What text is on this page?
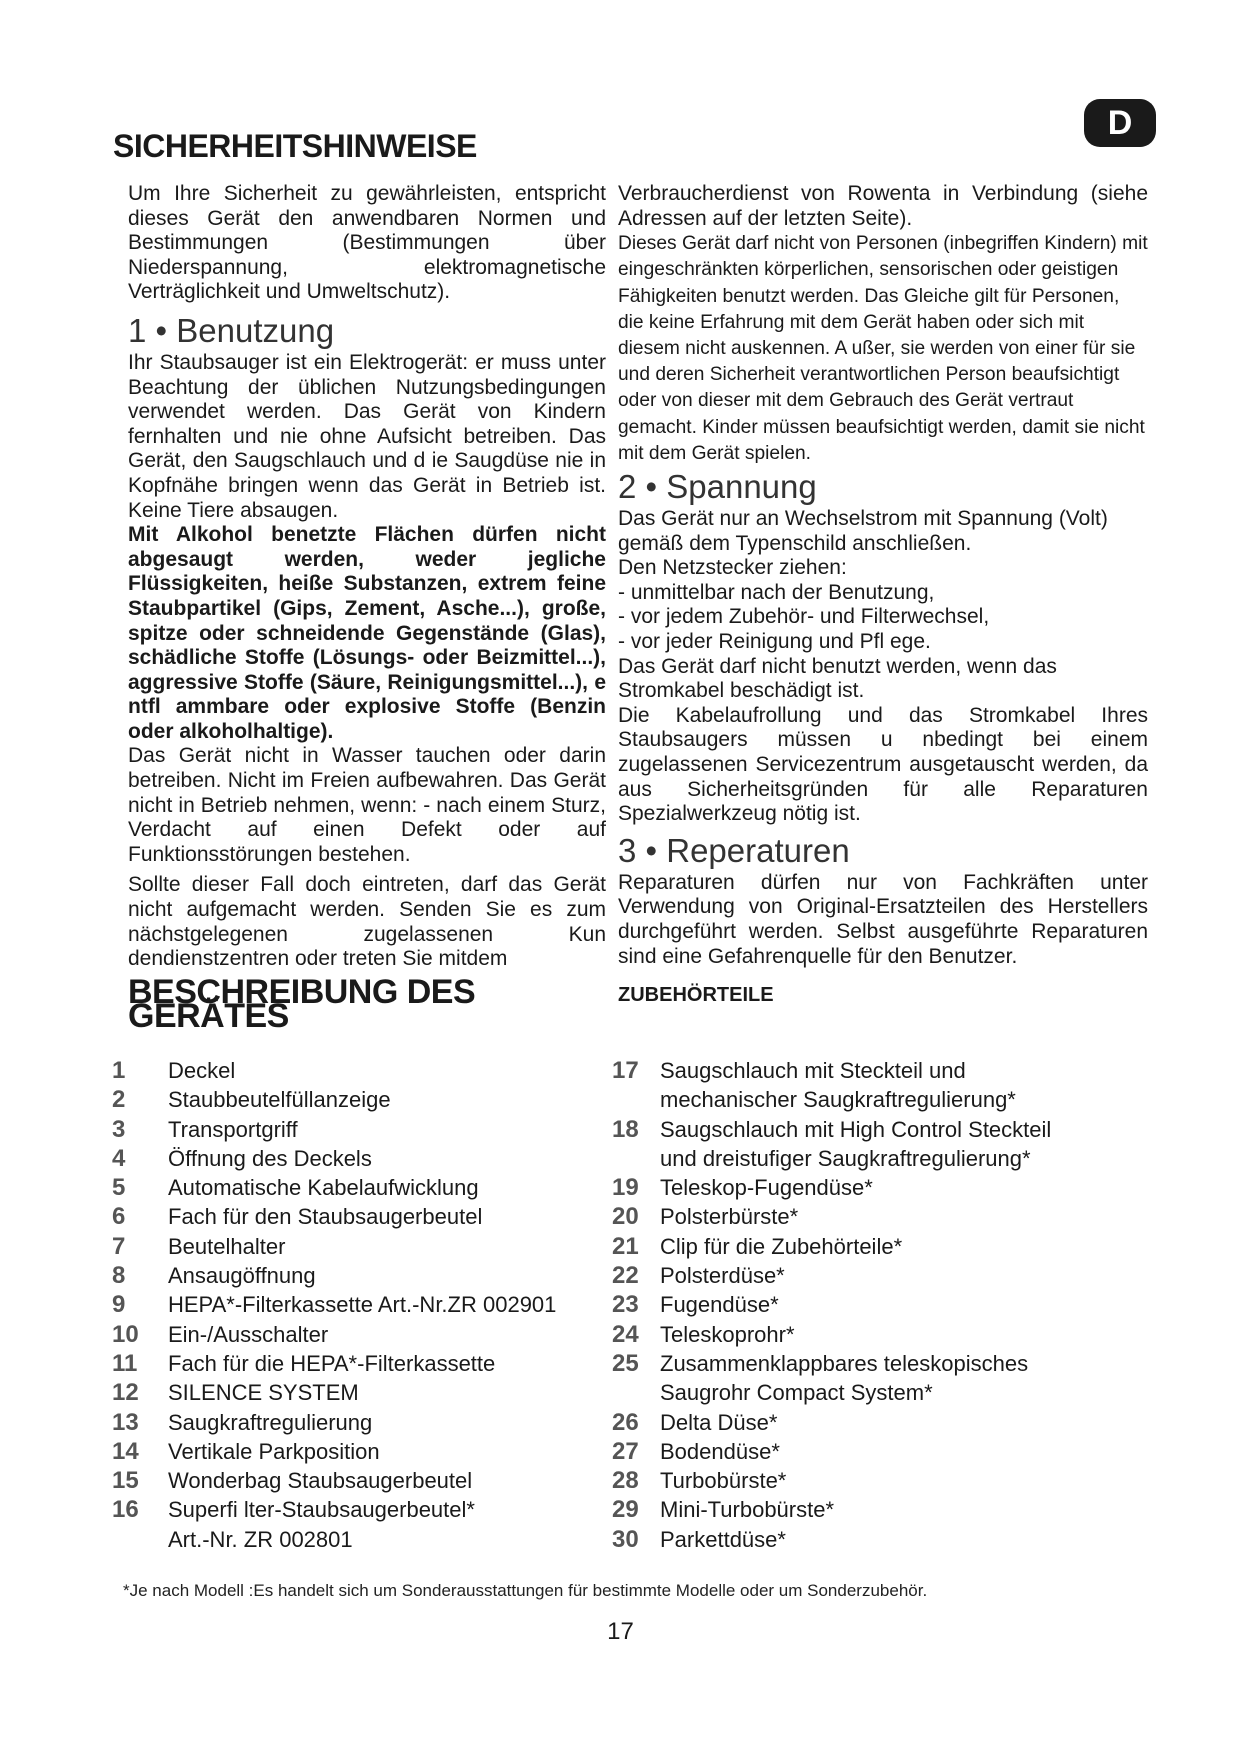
D
SICHERHEITSHINWEISE

Um Ihre Sicherheit zu gewährleisten, entspricht dieses Gerät den anwendbaren Normen und Bestimmungen (Bestimmungen über Niederspannung, elektromagnetische Verträglichkeit und Umweltschutz).

1 • Benutzung

Ihr Staubsauger ist ein Elektrogerät: er muss unter Beachtung der üblichen Nutzungsbedingungen verwendet werden. Das Gerät von Kindern fernhalten und nie ohne Aufsicht betreiben. Das Gerät, den Saugschlauch und d ie Saugdüse nie in Kopfnähe bringen wenn das Gerät in Betrieb ist. Keine Tiere absaugen.

Mit Alkohol benetzte Flächen dürfen nicht abgesaugt werden, weder jegliche Flüssigkeiten, heiße Substanzen, extrem feine Staubpartikel (Gips, Zement, Asche...), große, spitze oder schneidende Gegenstände (Glas), schädliche Stoffe (Lösungs- oder Beizmittel...), aggressive Stoffe (Säure, Reinigungsmittel...), e ntfl ammbare oder explosive Stoffe (Benzin oder alkoholhaltige).

Das Gerät nicht in Wasser tauchen oder darin betreiben. Nicht im Freien aufbewahren. Das Gerät nicht in Betrieb nehmen, wenn: - nach einem Sturz, Verdacht auf einen Defekt oder auf Funktionsstörungen bestehen.

Sollte dieser Fall doch eintreten, darf das Gerät nicht aufgemacht werden. Senden Sie es zum nächstgelegenen zugelassenen Kun dendienstzentren oder treten Sie mitdem

BESCHREIBUNG DES GERÄTES

Verbraucherdienst von Rowenta in Verbindung (siehe Adressen auf der letzten Seite).

Dieses Gerät darf nicht von Personen (inbegriffen Kindern) mit eingeschränkten körperlichen, sensorischen oder geistigen Fähigkeiten benutzt werden. Das Gleiche gilt für Personen, die keine Erfahrung mit dem Gerät haben oder sich mit diesem nicht auskennen. A ußer, sie werden von einer für sie und deren Sicherheit verantwortlichen Person beaufsichtigt oder von dieser mit dem Gebrauch des Gerät vertraut gemacht. Kinder müssen beaufsichtigt werden, damit sie nicht mit dem Gerät spielen.

2 • Spannung

Das Gerät nur an Wechselstrom mit Spannung (Volt) gemäß dem Typenschild anschließen.

Den Netzstecker ziehen:

- unmittelbar nach der Benutzung,

- vor jedem Zubehör- und Filterwechsel,

- vor jeder Reinigung und Pfl ege.

Das Gerät darf nicht benutzt werden, wenn das Stromkabel beschädigt ist.

Die Kabelaufrollung und das Stromkabel Ihres Staubsaugers müssen u nbedingt bei einem zugelassenen Servicezentrum ausgetauscht werden, da aus Sicherheitsgründen für alle Reparaturen Spezialwerkzeug nötig ist.

3 • Reperaturen

Reparaturen dürfen nur von Fachkräften unter Verwendung von Original-Ersatzteilen des Herstellers durchgeführt werden. Selbst ausgeführte Reparaturen sind eine Gefahrenquelle für den Benutzer.

ZUBEHÖRTEILE
1	Deckel
2	Staubbeutelfüllanzeige
3	Transportgriff
4	Öffnung des Deckels
5	Automatische Kabelaufwicklung
6	Fach für den Staubsaugerbeutel
7	Beutelhalter
8	Ansaugöffnung
9	HEPA*-Filterkassette Art.-Nr.ZR 002901
10	Ein-/Ausschalter
11	Fach für die HEPA*-Filterkassette
12	SILENCE SYSTEM
13	Saugkraftregulierung
14	Vertikale Parkposition
15	Wonderbag Staubsaugerbeutel
16	Superfi lter-Staubsaugerbeutel*
Art.-Nr. ZR 002801
17 Saugschlauch mit Steckteil und
mechanischer Saugkraftregulierung*
18 Saugschlauch mit High Control Steckteil
und dreistufiger Saugkraftregulierung*
19 Teleskop-Fugendüse*
20 Polsterbürste*
21 Clip für die Zubehörteile*
22 Polsterdüse*
23 Fugendüse*
24 Teleskoprohr*
25 Zusammenklappbares teleskopisches
Saugrohr Compact System*
26 Delta Düse*
27 Bodendüse*
28 Turbobürste*
29 Mini-Turbobürste*
30 Parkettdüse*
*Je nach Modell :Es handelt sich um Sonderausstattungen für bestimmte Modelle oder um Sonderzubehör.
17
